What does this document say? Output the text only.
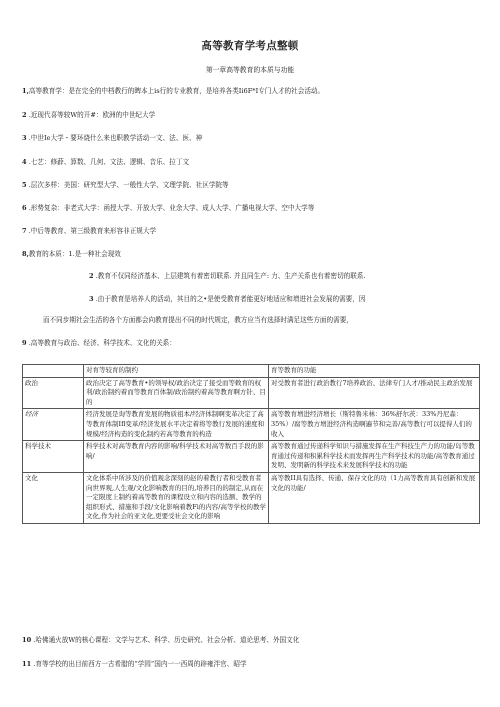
高等教育学考点整顿
第一章高等教育的本质与功能
1,高等教育学：是在完全的中档教行的睥本上is行的专业教育，是培养各类Ii6F*I专门人才的社会活动。
2 .近现代喜等较W的开#：欧洲的中世纪大学
3 .中世Ie大学・要环烧什么来也职教学活动一文、法、医、神
4 .七艺：修薜、算数、几何、文法、逻辑、音乐、拉丁文
5 .层次多样：美国：研究型大学、一般性大学、文理学院、社区学院等
6 .形势复杂：非老式大学：函授大学、开放大学、业余大学、成人大学、广播电视大学、空中大学等
7 .中后等教育、第三级教育来形容非正规大学
8,教育的本质：1.是一种社会现效
2 .教育不仅同经济基本、上层建筑有着密切联系. 并且同生产: 力、生产关系也有着密切的联系.
3 .由于教育是培养人的活动，其目的之•是使受教育者能更好地适应和增进社会发展的需要，因
而不同步期社会生活的各个方面都会向教育提出不同的时代规定，教方应当有选择时满足这些方面的需要，
9 .高等教育与政治、经济、科学技术、文化的关系：
	对育等较育的制约	育等教育的功能
政治	政治决定了高等教育•的领导权/政治决定了接受而等敕育的权利/政治制约着而等教育百体制/政治制约着高等教育啊方针、目的	对受教育者进行政治教行7培养政治、法律专门人才/推动民主政治发展
经济	经济发展是询等教育发展的物质祖本/经济体制啊变革决定了高等教育体制Ifl变革/经济发展水平决定着将等教行发展的速度和规模/经济构造的变化制约若高等教育的构造	高等教育增进经济增长（斯特鲁米林：36%舒尔茨：33%丹尼森：35%）/腐等教方增进经济构造啊遍节和完善/高等教行可以提得人们的收入
科学技术	科学技术对高等教育内容的影响/科学技术对高等数百手段的影响/	高等教育通过传递科学知识与措施发挥在生产科技生产力的功能/岛等教育通过传递和积累科学技术而发挥再生产科学技术的功能/高等教育通过发明、发明新的科学技术来发展科学技术的功能
文化	文化体系中所涉及的价值观念深刻的赵的着教行者和受教育者向世界观,人生观/文化影响教育的目的,培养目的的制定,从而在一定限度上制约着高等教育的课程设立和内容的选额、教学的组织形式、措施和手段/文化影响着教Fi的内容/高等学校的教学文化,作为社会的亚文化,更要受社会文化的影响	高等教II具有选择、传通、保存文化的功（1力高等教育具有创新和发展文化的功能/
10 .哈佛通火放W的核心课程：文学与艺术、科学、历史研究、社会分析、道论思考、外国文化
11 .育等学校的出目前西方一古希腊的“学园”国内一一西周的辟雍泮官、昭学
